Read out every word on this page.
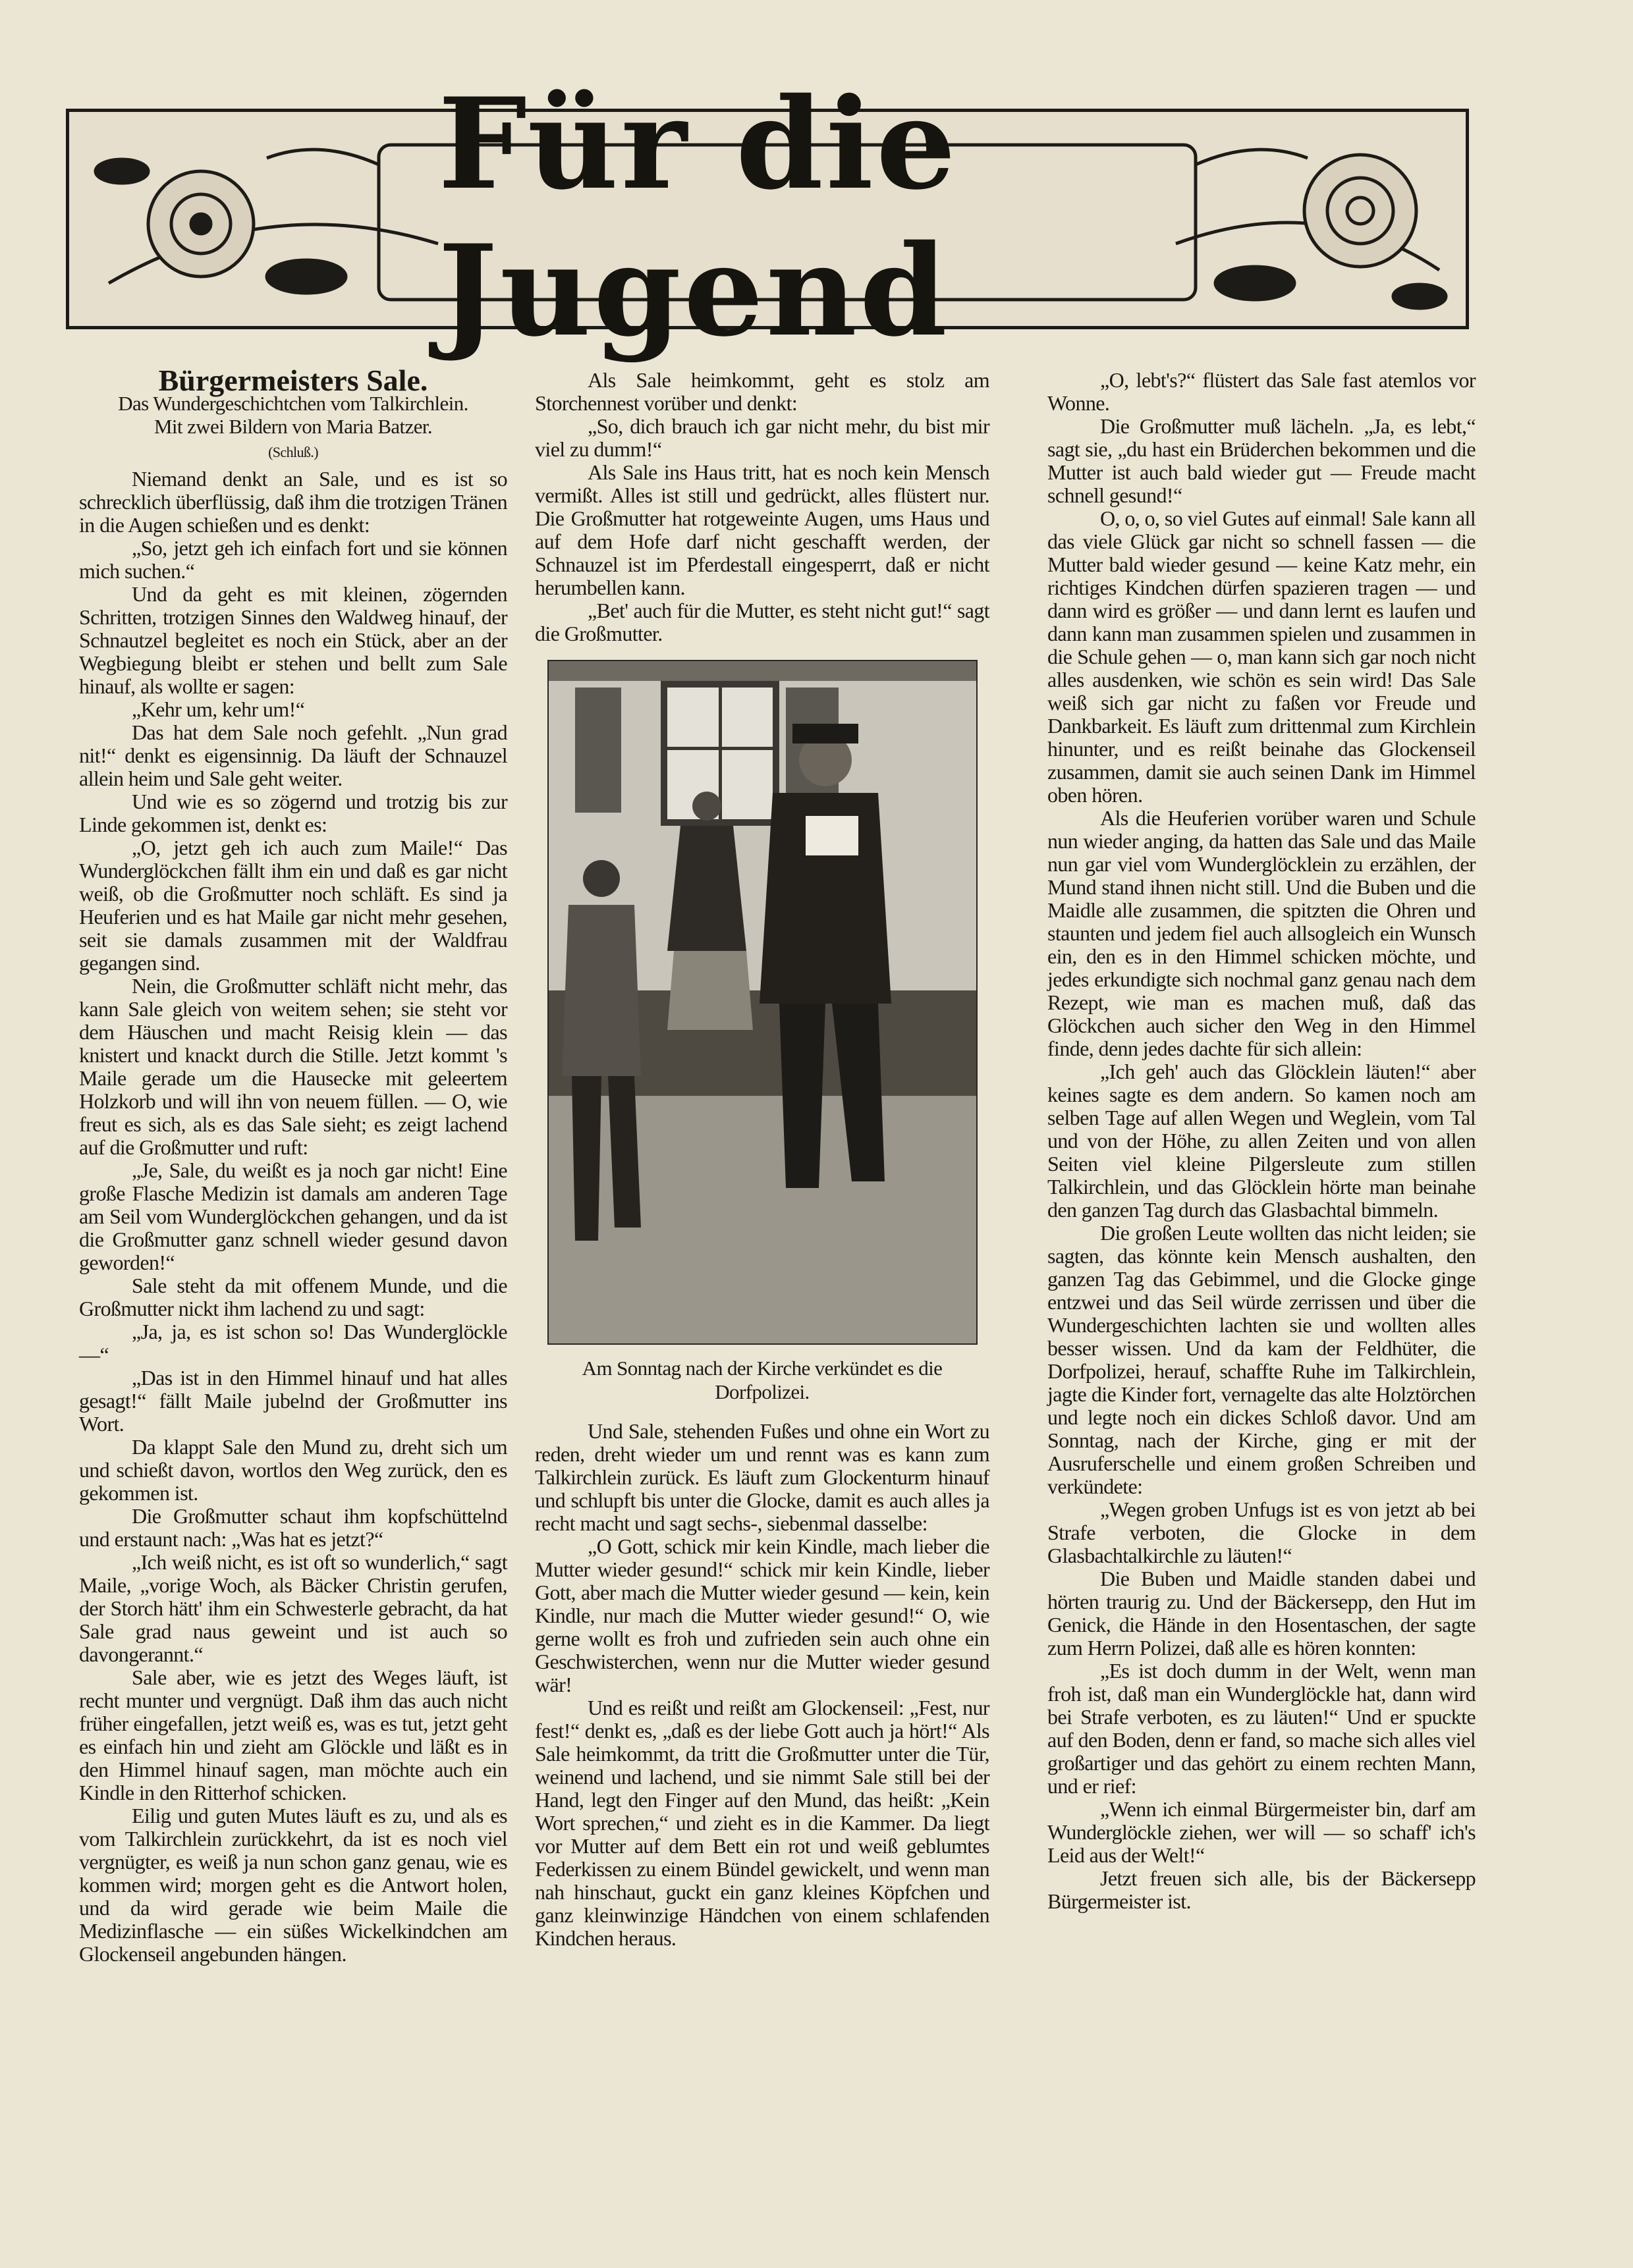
Für die Jugend

Bürgermeisters Sale.

Das Wundergeschichtchen vom Talkirchlein.

Mit zwei Bildern von Maria Batzer.

(Schluß.)

Niemand denkt an Sale, und es ist so schrecklich überflüssig, daß ihm die trotzigen Tränen in die Augen schießen und es denkt:

„So, jetzt geh ich einfach fort und sie können mich suchen.“

Und da geht es mit kleinen, zögernden Schritten, trotzigen Sinnes den Waldweg hinauf, der Schnautzel begleitet es noch ein Stück, aber an der Wegbiegung bleibt er stehen und bellt zum Sale hinauf, als wollte er sagen:

„Kehr um, kehr um!“

Das hat dem Sale noch gefehlt. „Nun grad nit!“ denkt es eigensinnig. Da läuft der Schnauzel allein heim und Sale geht weiter.

Und wie es so zögernd und trotzig bis zur Linde gekommen ist, denkt es:

„O, jetzt geh ich auch zum Maile!“ Das Wunderglöckchen fällt ihm ein und daß es gar nicht weiß, ob die Großmutter noch schläft. Es sind ja Heuferien und es hat Maile gar nicht mehr gesehen, seit sie damals zusammen mit der Waldfrau gegangen sind.

Nein, die Großmutter schläft nicht mehr, das kann Sale gleich von weitem sehen; sie steht vor dem Häuschen und macht Reisig klein — das knistert und knackt durch die Stille. Jetzt kommt 's Maile gerade um die Hausecke mit geleertem Holzkorb und will ihn von neuem füllen. — O, wie freut es sich, als es das Sale sieht; es zeigt lachend auf die Großmutter und ruft:

„Je, Sale, du weißt es ja noch gar nicht! Eine große Flasche Medizin ist damals am anderen Tage am Seil vom Wunderglöckchen gehangen, und da ist die Großmutter ganz schnell wieder gesund davon geworden!“

Sale steht da mit offenem Munde, und die Großmutter nickt ihm lachend zu und sagt:

„Ja, ja, es ist schon so! Das Wunderglöckle —“

„Das ist in den Himmel hinauf und hat alles gesagt!“ fällt Maile jubelnd der Großmutter ins Wort.

Da klappt Sale den Mund zu, dreht sich um und schießt davon, wortlos den Weg zurück, den es gekommen ist.

Die Großmutter schaut ihm kopfschüttelnd und erstaunt nach: „Was hat es jetzt?“

„Ich weiß nicht, es ist oft so wunderlich,“ sagt Maile, „vorige Woch, als Bäcker Christin gerufen, der Storch hätt' ihm ein Schwesterle gebracht, da hat Sale grad naus geweint und ist auch so davongerannt.“

Sale aber, wie es jetzt des Weges läuft, ist recht munter und vergnügt. Daß ihm das auch nicht früher eingefallen, jetzt weiß es, was es tut, jetzt geht es einfach hin und zieht am Glöckle und läßt es in den Himmel hinauf sagen, man möchte auch ein Kindle in den Ritterhof schicken.

Eilig und guten Mutes läuft es zu, und als es vom Talkirchlein zurückkehrt, da ist es noch viel vergnügter, es weiß ja nun schon ganz genau, wie es kommen wird; morgen geht es die Antwort holen, und da wird gerade wie beim Maile die Medizinflasche — ein süßes Wickelkindchen am Glockenseil angebunden hängen.

Als Sale heimkommt, geht es stolz am Storchennest vorüber und denkt:

„So, dich brauch ich gar nicht mehr, du bist mir viel zu dumm!“

Als Sale ins Haus tritt, hat es noch kein Mensch vermißt. Alles ist still und gedrückt, alles flüstert nur. Die Großmutter hat rotgeweinte Augen, ums Haus und auf dem Hofe darf nicht geschafft werden, der Schnauzel ist im Pferdestall eingesperrt, daß er nicht herumbellen kann.

„Bet' auch für die Mutter, es steht nicht gut!“ sagt die Großmutter.

Am Sonntag nach der Kirche verkündet es die Dorfpolizei.

Und Sale, stehenden Fußes und ohne ein Wort zu reden, dreht wieder um und rennt was es kann zum Talkirchlein zurück. Es läuft zum Glockenturm hinauf und schlupft bis unter die Glocke, damit es auch alles ja recht macht und sagt sechs-, siebenmal dasselbe:

„O Gott, schick mir kein Kindle, mach lieber die Mutter wieder gesund!“ schick mir kein Kindle, lieber Gott, aber mach die Mutter wieder gesund — kein, kein Kindle, nur mach die Mutter wieder gesund!“ O, wie gerne wollt es froh und zufrieden sein auch ohne ein Geschwisterchen, wenn nur die Mutter wieder gesund wär!

Und es reißt und reißt am Glockenseil: „Fest, nur fest!“ denkt es, „daß es der liebe Gott auch ja hört!“ Als Sale heimkommt, da tritt die Großmutter unter die Tür, weinend und lachend, und sie nimmt Sale still bei der Hand, legt den Finger auf den Mund, das heißt: „Kein Wort sprechen,“ und zieht es in die Kammer. Da liegt vor Mutter auf dem Bett ein rot und weiß geblumtes Federkissen zu einem Bündel gewickelt, und wenn man nah hinschaut, guckt ein ganz kleines Köpfchen und ganz kleinwinzige Händchen von einem schlafenden Kindchen heraus.

„O, lebt's?“ flüstert das Sale fast atemlos vor Wonne.

Die Großmutter muß lächeln. „Ja, es lebt,“ sagt sie, „du hast ein Brüderchen bekommen und die Mutter ist auch bald wieder gut — Freude macht schnell gesund!“

O, o, o, so viel Gutes auf einmal! Sale kann all das viele Glück gar nicht so schnell fassen — die Mutter bald wieder gesund — keine Katz mehr, ein richtiges Kindchen dürfen spazieren tragen — und dann wird es größer — und dann lernt es laufen und dann kann man zusammen spielen und zusammen in die Schule gehen — o, man kann sich gar noch nicht alles ausdenken, wie schön es sein wird! Das Sale weiß sich gar nicht zu faßen vor Freude und Dankbarkeit. Es läuft zum drittenmal zum Kirchlein hinunter, und es reißt beinahe das Glockenseil zusammen, damit sie auch seinen Dank im Himmel oben hören.

Als die Heuferien vorüber waren und Schule nun wieder anging, da hatten das Sale und das Maile nun gar viel vom Wunderglöcklein zu erzählen, der Mund stand ihnen nicht still. Und die Buben und die Maidle alle zusammen, die spitzten die Ohren und staunten und jedem fiel auch allsogleich ein Wunsch ein, den es in den Himmel schicken möchte, und jedes erkundigte sich nochmal ganz genau nach dem Rezept, wie man es machen muß, daß das Glöckchen auch sicher den Weg in den Himmel finde, denn jedes dachte für sich allein:

„Ich geh' auch das Glöcklein läuten!“ aber keines sagte es dem andern. So kamen noch am selben Tage auf allen Wegen und Weglein, vom Tal und von der Höhe, zu allen Zeiten und von allen Seiten viel kleine Pilgersleute zum stillen Talkirchlein, und das Glöcklein hörte man beinahe den ganzen Tag durch das Glasbachtal bimmeln.

Die großen Leute wollten das nicht leiden; sie sagten, das könnte kein Mensch aushalten, den ganzen Tag das Gebimmel, und die Glocke ginge entzwei und das Seil würde zerrissen und über die Wundergeschichten lachten sie und wollten alles besser wissen. Und da kam der Feldhüter, die Dorfpolizei, herauf, schaffte Ruhe im Talkirchlein, jagte die Kinder fort, vernagelte das alte Holztörchen und legte noch ein dickes Schloß davor. Und am Sonntag, nach der Kirche, ging er mit der Ausruferschelle und einem großen Schreiben und verkündete:

„Wegen groben Unfugs ist es von jetzt ab bei Strafe verboten, die Glocke in dem Glasbachtalkirchle zu läuten!“

Die Buben und Maidle standen dabei und hörten traurig zu. Und der Bäckersepp, den Hut im Genick, die Hände in den Hosentaschen, der sagte zum Herrn Polizei, daß alle es hören konnten:

„Es ist doch dumm in der Welt, wenn man froh ist, daß man ein Wunderglöckle hat, dann wird bei Strafe verboten, es zu läuten!“ Und er spuckte auf den Boden, denn er fand, so mache sich alles viel großartiger und das gehört zu einem rechten Mann, und er rief:

„Wenn ich einmal Bürgermeister bin, darf am Wunderglöckle ziehen, wer will — so schaff' ich's Leid aus der Welt!“

Jetzt freuen sich alle, bis der Bäckersepp Bürgermeister ist.
